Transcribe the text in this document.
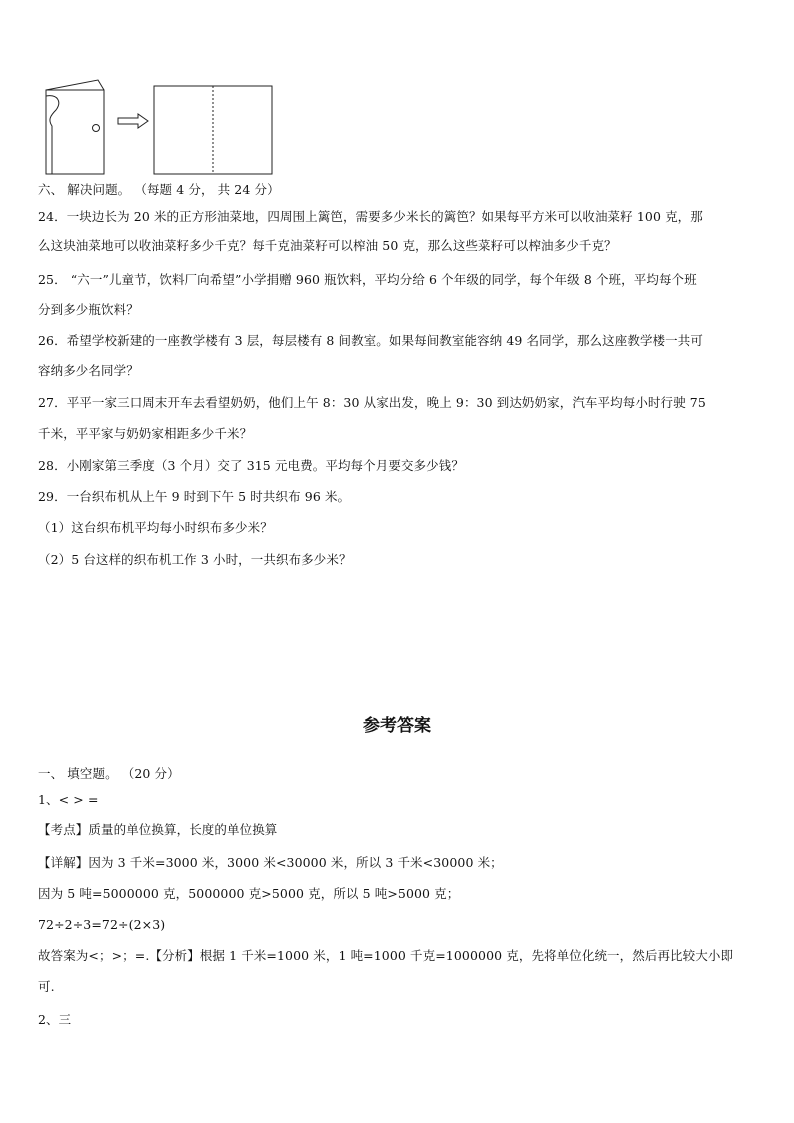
六、 解决问题。 （每题 4 分， 共 24 分）
24．一块边长为 20 米的正方形油菜地，四周围上篱笆，需要多少米长的篱笆？如果每平方米可以收油菜籽 100 克，那
么这块油菜地可以收油菜籽多少千克？每千克油菜籽可以榨油 50 克，那么这些菜籽可以榨油多少千克？
25． “六一”儿童节，饮料厂向希望”小学捐赠 960 瓶饮料，平均分给 6 个年级的同学，每个年级 8 个班，平均每个班
分到多少瓶饮料？
26．希望学校新建的一座教学楼有 3 层，每层楼有 8 间教室。如果每间教室能容纳 49 名同学，那么这座教学楼一共可
容纳多少名同学？
27．平平一家三口周末开车去看望奶奶，他们上午 8：30 从家出发，晚上 9：30 到达奶奶家，汽车平均每小时行驶 75
千米，平平家与奶奶家相距多少千米？
28．小刚家第三季度（3 个月）交了 315 元电费。平均每个月要交多少钱？
29．一台织布机从上午 9 时到下午 5 时共织布 96 米。
（1）这台织布机平均每小时织布多少米？
（2）5 台这样的织布机工作 3 小时，一共织布多少米？
参考答案
一、 填空题。 （20 分）
1、< > =
【考点】质量的单位换算，长度的单位换算
【详解】因为 3 千米=3000 米，3000 米<30000 米，所以 3 千米<30000 米；
因为 5 吨=5000000 克，5000000 克>5000 克，所以 5 吨>5000 克；
72÷2÷3=72÷(2×3)
故答案为<；>；=.【分析】根据 1 千米=1000 米，1 吨=1000 千克=1000000 克，先将单位化统一，然后再比较大小即
可.
2、三
